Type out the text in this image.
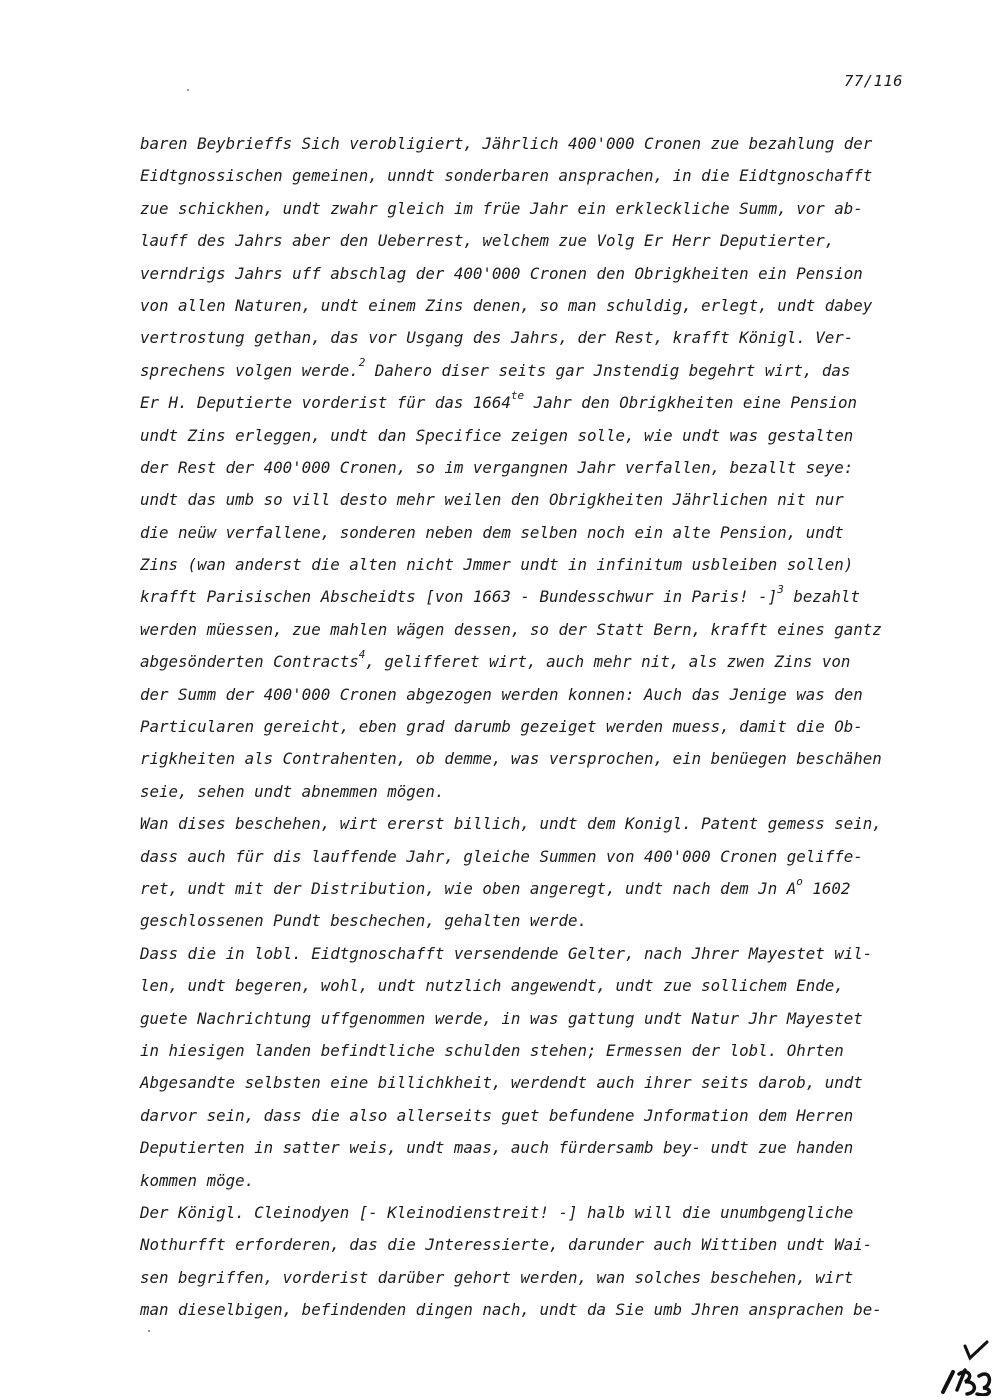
77/116
baren Beybrieffs Sich verobligiert, Jährlich 400'000 Cronen zue bezahlung der
Eidtgnossischen gemeinen, unndt sonderbaren ansprachen, in die Eidtgnoschafft
zue schickhen, undt zwahr gleich im früe Jahr ein erkleckliche Summ, vor ab-
lauff des Jahrs aber den Ueberrest, welchem zue Volg Er Herr Deputierter,
verndrigs Jahrs uff abschlag der 400'000 Cronen den Obrigkheiten ein Pension
von allen Naturen, undt einem Zins denen, so man schuldig, erlegt, undt dabey
vertrostung gethan, das vor Usgang des Jahrs, der Rest, krafft Königl. Ver-
sprechens volgen werde.$^2$ Dahero diser seits gar Jnstendig begehrt wirt, das
Er H. Deputierte vorderist für das $1664^{te}$ Jahr den Obrigkheiten eine Pension
undt Zins erleggen, undt dan Specifice zeigen solle, wie undt was gestalten
der Rest der 400'000 Cronen, so im vergangnen Jahr verfallen, bezallt seye:
undt das umb so vill desto mehr weilen den Obrigkheiten Jährlichen nit nur
die neüw verfallene, sonderen neben dem selben noch ein alte Pension, undt
Zins (wan anderst die alten nicht Jmmer undt in infinitum usbleiben sollen)
krafft Parisischen Abscheidts [von 1663 - Bundesschwur in Paris! -]$^3$ bezahlt
werden müessen, zue mahlen wägen dessen, so der Statt Bern, krafft eines gantz
abgesönderten Contracts$^4$, gelifferet wirt, auch mehr nit, als zwen Zins von
der Summ der 400'000 Cronen abgezogen werden konnen: Auch das Jenige was den
Particularen gereicht, eben grad darumb gezeiget werden muess, damit die Ob-
rigkheiten als Contrahenten, ob demme, was versprochen, ein benüegen beschähen
seie, sehen undt abnemmen mögen.
Wan dises beschehen, wirt ererst billich, undt dem Konigl. Patent gemess sein,
dass auch für dis lauffende Jahr, gleiche Summen von 400'000 Cronen geliffe-
ret, undt mit der Distribution, wie oben angeregt, undt nach dem Jn $A^o$ 1602
geschlossenen Pundt beschechen, gehalten werde.
Dass die in lobl. Eidtgnoschafft versendende Gelter, nach Jhrer Mayestet wil-
len, undt begeren, wohl, undt nutzlich angewendt, undt zue sollichem Ende,
guete Nachrichtung uffgenommen werde, in was gattung undt Natur Jhr Mayestet
in hiesigen landen befindtliche schulden stehen; Ermessen der lobl. Ohrten
Abgesandte selbsten eine billichkheit, werdendt auch ihrer seits darob, undt
darvor sein, dass die also allerseits guet befundene Jnformation dem Herren
Deputierten in satter weis, undt maas, auch fürdersamb bey- undt zue handen
kommen möge.
Der Königl. Cleinodyen [- Kleinodienstreit! -] halb will die unumbgengliche
Nothurfft erforderen, das die Jnteressierte, darunder auch Wittiben undt Wai-
sen begriffen, vorderist darüber gehort werden, wan solches beschehen, wirt
man dieselbigen, befindenden dingen nach, undt da Sie umb Jhren ansprachen be-
